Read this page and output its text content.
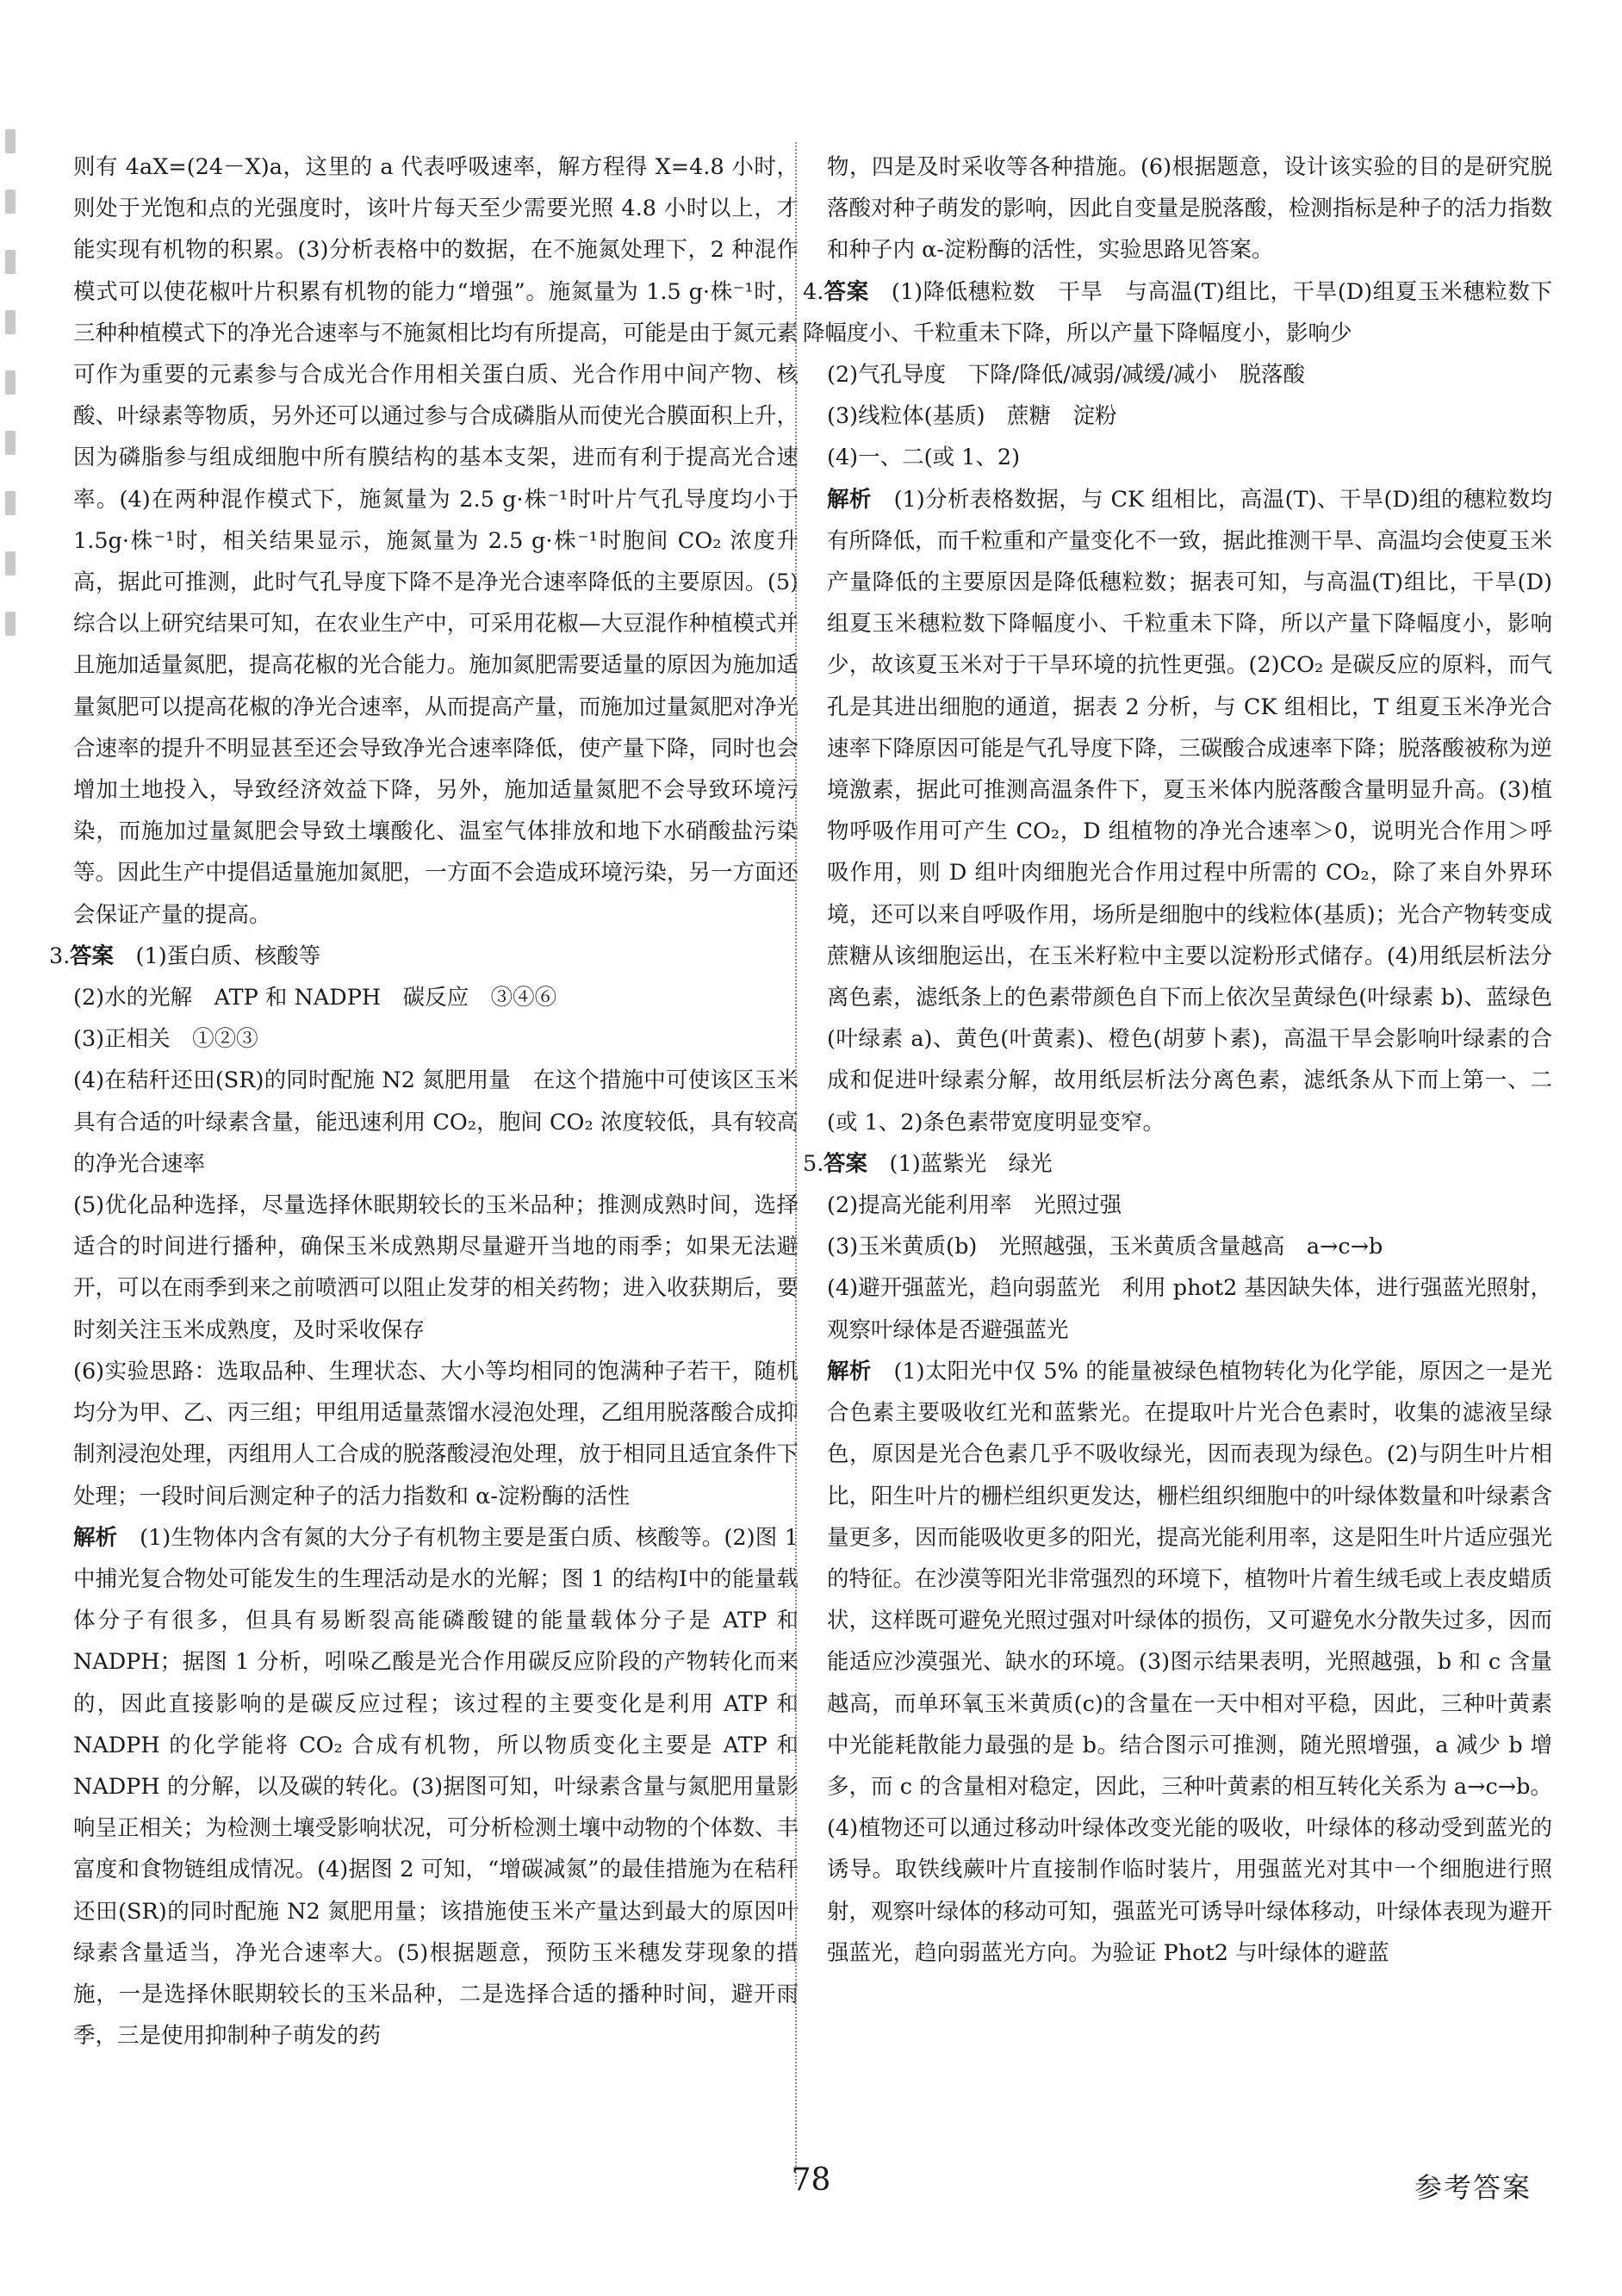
则有 4aX=(24－X)a，这里的 a 代表呼吸速率，解方程得 X=4.8 小时，则处于光饱和点的光强度时，该叶片每天至少需要光照 4.8 小时以上，才能实现有机物的积累。(3)分析表格中的数据，在不施氮处理下，2 种混作模式可以使花椒叶片积累有机物的能力“增强”。施氮量为 1.5 g·株⁻¹时，三种种植模式下的净光合速率与不施氮相比均有所提高，可能是由于氮元素可作为重要的元素参与合成光合作用相关蛋白质、光合作用中间产物、核酸、叶绿素等物质，另外还可以通过参与合成磷脂从而使光合膜面积上升，因为磷脂参与组成细胞中所有膜结构的基本支架，进而有利于提高光合速率。(4)在两种混作模式下，施氮量为 2.5 g·株⁻¹时叶片气孔导度均小于 1.5g·株⁻¹时，相关结果显示，施氮量为 2.5 g·株⁻¹时胞间 CO₂ 浓度升高，据此可推测，此时气孔导度下降不是净光合速率降低的主要原因。(5)综合以上研究结果可知，在农业生产中，可采用花椒—大豆混作种植模式并且施加适量氮肥，提高花椒的光合能力。施加氮肥需要适量的原因为施加适量氮肥可以提高花椒的净光合速率，从而提高产量，而施加过量氮肥对净光合速率的提升不明显甚至还会导致净光合速率降低，使产量下降，同时也会增加土地投入，导致经济效益下降，另外，施加适量氮肥不会导致环境污染，而施加过量氮肥会导致土壤酸化、温室气体排放和地下水硝酸盐污染等。因此生产中提倡适量施加氮肥，一方面不会造成环境污染，另一方面还会保证产量的提高。

3.答案　 (1)蛋白质、核酸等

(2)水的光解　ATP 和 NADPH　碳反应　③④⑥

(3)正相关　①②③

(4)在秸秆还田(SR)的同时配施 N2 氮肥用量　在这个措施中可使该区玉米具有合适的叶绿素含量，能迅速利用 CO₂，胞间 CO₂ 浓度较低，具有较高的净光合速率

(5)优化品种选择，尽量选择休眠期较长的玉米品种；推测成熟时间，选择适合的时间进行播种，确保玉米成熟期尽量避开当地的雨季；如果无法避开，可以在雨季到来之前喷洒可以阻止发芽的相关药物；进入收获期后，要时刻关注玉米成熟度，及时采收保存

(6)实验思路：选取品种、生理状态、大小等均相同的饱满种子若干，随机均分为甲、乙、丙三组；甲组用适量蒸馏水浸泡处理，乙组用脱落酸合成抑制剂浸泡处理，丙组用人工合成的脱落酸浸泡处理，放于相同且适宜条件下处理；一段时间后测定种子的活力指数和 α-淀粉酶的活性

解析　 (1)生物体内含有氮的大分子有机物主要是蛋白质、核酸等。(2)图 1 中捕光复合物处可能发生的生理活动是水的光解；图 1 的结构Ⅰ中的能量载体分子有很多，但具有易断裂高能磷酸键的能量载体分子是 ATP 和 NADPH；据图 1 分析，吲哚乙酸是光合作用碳反应阶段的产物转化而来的，因此直接影响的是碳反应过程；该过程的主要变化是利用 ATP 和 NADPH 的化学能将 CO₂ 合成有机物，所以物质变化主要是 ATP 和 NADPH 的分解，以及碳的转化。(3)据图可知，叶绿素含量与氮肥用量影响呈正相关；为检测土壤受影响状况，可分析检测土壤中动物的个体数、丰富度和食物链组成情况。(4)据图 2 可知，“增碳减氮”的最佳措施为在秸秆还田(SR)的同时配施 N2 氮肥用量；该措施使玉米产量达到最大的原因叶绿素含量适当，净光合速率大。(5)根据题意，预防玉米穗发芽现象的措施，一是选择休眠期较长的玉米品种，二是选择合适的播种时间，避开雨季，三是使用抑制种子萌发的药

物，四是及时采收等各种措施。(6)根据题意，设计该实验的目的是研究脱落酸对种子萌发的影响，因此自变量是脱落酸，检测指标是种子的活力指数和种子内 α-淀粉酶的活性，实验思路见答案。

4.答案　 (1)降低穗粒数　干旱　与高温(T)组比，干旱(D)组夏玉米穗粒数下降幅度小、千粒重未下降，所以产量下降幅度小，影响少

(2)气孔导度　下降/降低/减弱/减缓/减小　脱落酸

(3)线粒体(基质)　蔗糖　淀粉

(4)一、二(或 1、2)

解析　 (1)分析表格数据，与 CK 组相比，高温(T)、干旱(D)组的穗粒数均有所降低，而千粒重和产量变化不一致，据此推测干旱、高温均会使夏玉米产量降低的主要原因是降低穗粒数；据表可知，与高温(T)组比，干旱(D)组夏玉米穗粒数下降幅度小、千粒重未下降，所以产量下降幅度小，影响少，故该夏玉米对于干旱环境的抗性更强。(2)CO₂ 是碳反应的原料，而气孔是其进出细胞的通道，据表 2 分析，与 CK 组相比，T 组夏玉米净光合速率下降原因可能是气孔导度下降，三碳酸合成速率下降；脱落酸被称为逆境激素，据此可推测高温条件下，夏玉米体内脱落酸含量明显升高。(3)植物呼吸作用可产生 CO₂，D 组植物的净光合速率＞0，说明光合作用＞呼吸作用，则 D 组叶肉细胞光合作用过程中所需的 CO₂，除了来自外界环境，还可以来自呼吸作用，场所是细胞中的线粒体(基质)；光合产物转变成蔗糖从该细胞运出，在玉米籽粒中主要以淀粉形式储存。(4)用纸层析法分离色素，滤纸条上的色素带颜色自下而上依次呈黄绿色(叶绿素 b)、蓝绿色(叶绿素 a)、黄色(叶黄素)、橙色(胡萝卜素)，高温干旱会影响叶绿素的合成和促进叶绿素分解，故用纸层析法分离色素，滤纸条从下而上第一、二(或 1、2)条色素带宽度明显变窄。

5.答案　 (1)蓝紫光　绿光

(2)提高光能利用率　光照过强

(3)玉米黄质(b)　光照越强，玉米黄质含量越高　a→c→b

(4)避开强蓝光，趋向弱蓝光　利用 phot2 基因缺失体，进行强蓝光照射，观察叶绿体是否避强蓝光

解析　 (1)太阳光中仅 5% 的能量被绿色植物转化为化学能，原因之一是光合色素主要吸收红光和蓝紫光。在提取叶片光合色素时，收集的滤液呈绿色，原因是光合色素几乎不吸收绿光，因而表现为绿色。(2)与阴生叶片相比，阳生叶片的栅栏组织更发达，栅栏组织细胞中的叶绿体数量和叶绿素含量更多，因而能吸收更多的阳光，提高光能利用率，这是阳生叶片适应强光的特征。在沙漠等阳光非常强烈的环境下，植物叶片着生绒毛或上表皮蜡质状，这样既可避免光照过强对叶绿体的损伤，又可避免水分散失过多，因而能适应沙漠强光、缺水的环境。(3)图示结果表明，光照越强，b 和 c 含量越高，而单环氧玉米黄质(c)的含量在一天中相对平稳，因此，三种叶黄素中光能耗散能力最强的是 b。结合图示可推测，随光照增强，a 减少 b 增多，而 c 的含量相对稳定，因此，三种叶黄素的相互转化关系为 a→c→b。(4)植物还可以通过移动叶绿体改变光能的吸收，叶绿体的移动受到蓝光的诱导。取铁线蕨叶片直接制作临时装片，用强蓝光对其中一个细胞进行照射，观察叶绿体的移动可知，强蓝光可诱导叶绿体移动，叶绿体表现为避开强蓝光，趋向弱蓝光方向。为验证 Phot2 与叶绿体的避蓝

78	参考答案
